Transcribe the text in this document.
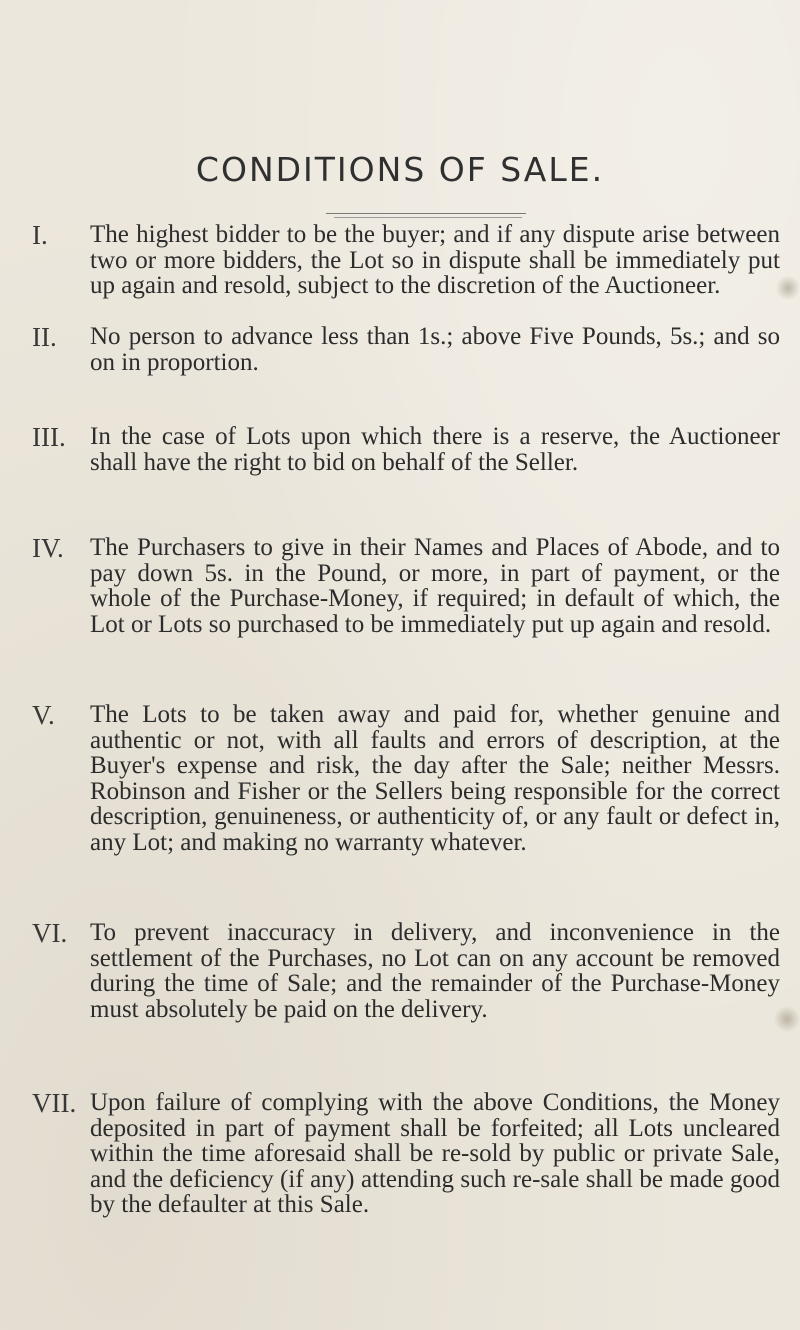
CONDITIONS OF SALE.
I.	The highest bidder to be the buyer; and if any dispute arise between two or more bidders, the Lot so in dispute shall be immediately put up again and resold, subject to the discretion of the Auctioneer.
II.	No person to advance less than 1s.; above Five Pounds, 5s.; and so on in proportion.
III. In the case of Lots upon which there is a reserve, the Auctioneer shall have the right to bid on behalf of the Seller.
IV.	The Purchasers to give in their Names and Places of Abode, and to pay down 5s. in the Pound, or more, in part of payment, or the whole of the Purchase-Money, if required; in default of which, the Lot or Lots so purchased to be immediately put up again and resold.
V.	The Lots to be taken away and paid for, whether genuine and authentic or not, with all faults and errors of description, at the Buyer's expense and risk, the day after the Sale; neither Messrs. Robinson and Fisher or the Sellers being responsible for the correct description, genuineness, or authenticity of, or any fault or defect in, any Lot; and making no warranty whatever.
VI. To prevent inaccuracy in delivery, and inconvenience in the settlement of the Purchases, no Lot can on any account be removed during the time of Sale; and the remainder of the Purchase-Money must absolutely be paid on the delivery.
VII. Upon failure of complying with the above Conditions, the Money deposited in part of payment shall be forfeited; all Lots uncleared within the time aforesaid shall be re-sold by public or private Sale, and the deficiency (if any) attending such re-sale shall be made good by the defaulter at this Sale.
